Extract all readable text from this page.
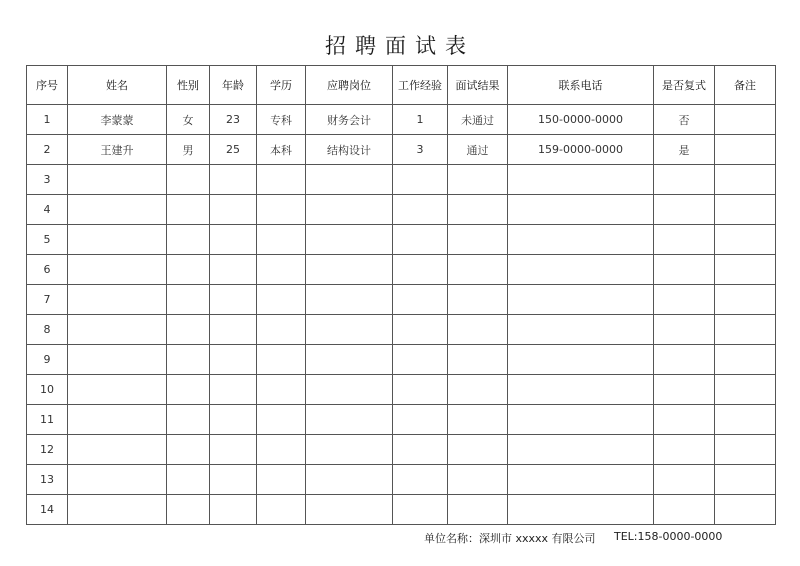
招聘面试表
序号	姓名	性别	年龄	学历	应聘岗位	工作经验	面试结果	联系电话	是否复式	备注
1	李蒙蒙	女	23	专科	财务会计	1	未通过	150-0000-0000	否	
2	王建升	男	25	本科	结构设计	3	通过	159-0000-0000	是	
3										
4										
5										
6										
7										
8										
9										
10										
11										
12										
13										
14										
单位名称：深圳市 xxxxx 有限公司 TEL:158-0000-0000
